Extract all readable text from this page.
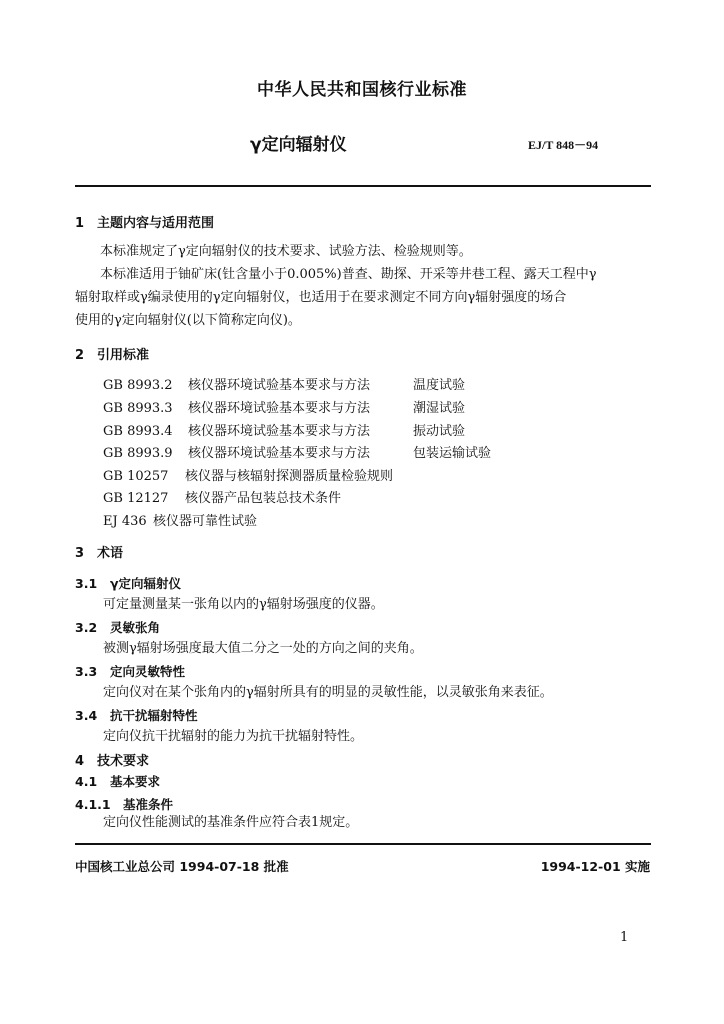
中华人民共和国核行业标准
γ定向辐射仪	EJ/T 848－94
1 主题内容与适用范围
本标准规定了γ定向辐射仪的技术要求、试验方法、检验规则等。
本标准适用于铀矿床(钍含量小于0.005%)普查、勘探、开采等井巷工程、露天工程中γ
辐射取样或γ编录使用的γ定向辐射仪，也适用于在要求测定不同方向γ辐射强度的场合
使用的γ定向辐射仪(以下简称定向仪)。
2 引用标准
GB 8993.2 核仪器环境试验基本要求与方法	温度试验
GB 8993.3 核仪器环境试验基本要求与方法	潮湿试验
GB 8993.4 核仪器环境试验基本要求与方法	振动试验
GB 8993.9 核仪器环境试验基本要求与方法	包装运输试验
GB 10257 核仪器与核辐射探测器质量检验规则
GB 12127 核仪器产品包装总技术条件
EJ 436 核仪器可靠性试验
3 术语
3.1 γ定向辐射仪
可定量测量某一张角以内的γ辐射场强度的仪器。
3.2 灵敏张角
被测γ辐射场强度最大值二分之一处的方向之间的夹角。
3.3 定向灵敏特性
定向仪对在某个张角内的γ辐射所具有的明显的灵敏性能，以灵敏张角来表征。
3.4 抗干扰辐射特性
定向仪抗干扰辐射的能力为抗干扰辐射特性。
4 技术要求
4.1 基本要求
4.1.1 基准条件
定向仪性能测试的基准条件应符合表1规定。
中国核工业总公司 1994-07-18 批准	1994-12-01 实施
1
